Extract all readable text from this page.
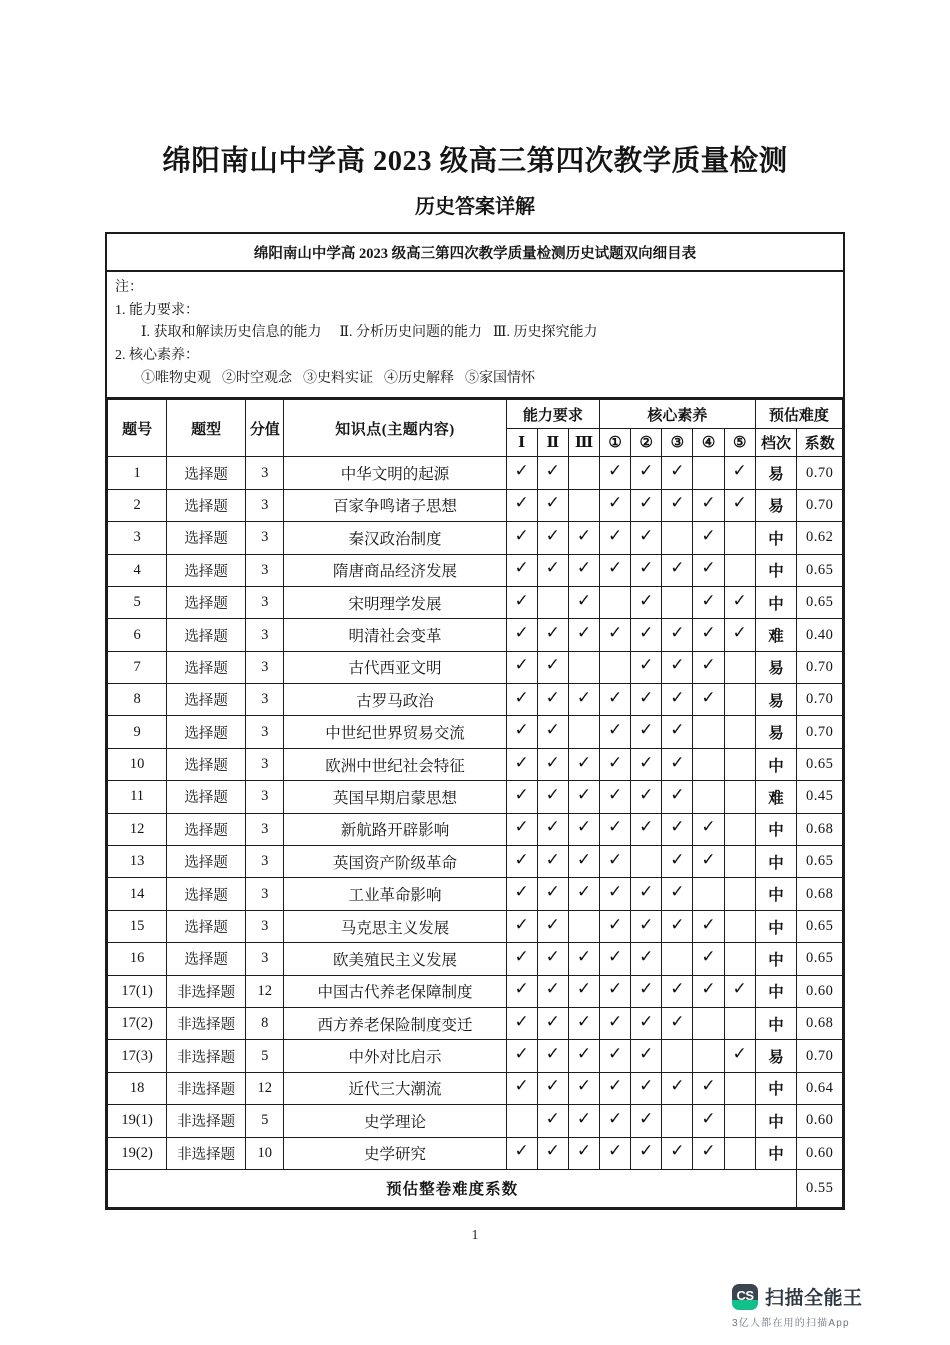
绵阳南山中学高 2023 级高三第四次教学质量检测
历史答案详解
绵阳南山中学高 2023 级高三第四次教学质量检测历史试题双向细目表
注：
1. 能力要求：
Ⅰ. 获取和解读历史信息的能力 Ⅱ. 分析历史问题的能力 Ⅲ. 历史探究能力
2. 核心素养：
①唯物史观 ②时空观念 ③史料实证 ④历史解释 ⑤家国情怀
题号	题型	分值	知识点(主题内容)	能力要求			核心素养					预估难度	
				Ⅰ	Ⅱ	Ⅲ	①	②	③	④	⑤	档次	系数
1	选择题	3	中华文明的起源	✓	✓		✓	✓	✓		✓	易	0.70
2	选择题	3	百家争鸣诸子思想	✓	✓		✓	✓	✓	✓	✓	易	0.70
3	选择题	3	秦汉政治制度	✓	✓	✓	✓	✓		✓		中	0.62
4	选择题	3	隋唐商品经济发展	✓	✓	✓	✓	✓	✓	✓		中	0.65
5	选择题	3	宋明理学发展	✓		✓		✓		✓	✓	中	0.65
6	选择题	3	明清社会变革	✓	✓	✓	✓	✓	✓	✓	✓	难	0.40
7	选择题	3	古代西亚文明	✓	✓			✓	✓	✓		易	0.70
8	选择题	3	古罗马政治	✓	✓	✓	✓	✓	✓	✓		易	0.70
9	选择题	3	中世纪世界贸易交流	✓	✓		✓	✓	✓			易	0.70
10	选择题	3	欧洲中世纪社会特征	✓	✓	✓	✓	✓	✓			中	0.65
11	选择题	3	英国早期启蒙思想	✓	✓	✓	✓	✓	✓			难	0.45
12	选择题	3	新航路开辟影响	✓	✓	✓	✓	✓	✓	✓		中	0.68
13	选择题	3	英国资产阶级革命	✓	✓	✓	✓		✓	✓		中	0.65
14	选择题	3	工业革命影响	✓	✓	✓	✓	✓	✓			中	0.68
15	选择题	3	马克思主义发展	✓	✓		✓	✓	✓	✓		中	0.65
16	选择题	3	欧美殖民主义发展	✓	✓	✓	✓	✓		✓		中	0.65
17(1)	非选择题	12	中国古代养老保障制度	✓	✓	✓	✓	✓	✓	✓	✓	中	0.60
17(2)	非选择题	8	西方养老保险制度变迁	✓	✓	✓	✓	✓	✓			中	0.68
17(3)	非选择题	5	中外对比启示	✓	✓	✓	✓	✓			✓	易	0.70
18	非选择题	12	近代三大潮流	✓	✓	✓	✓	✓	✓	✓		中	0.64
19(1)	非选择题	5	史学理论		✓	✓	✓	✓		✓		中	0.60
19(2)	非选择题	10	史学研究	✓	✓	✓	✓	✓	✓	✓		中	0.60
预估整卷难度系数													0.55
1
CS 扫描全能王
3亿人都在用的扫描App
